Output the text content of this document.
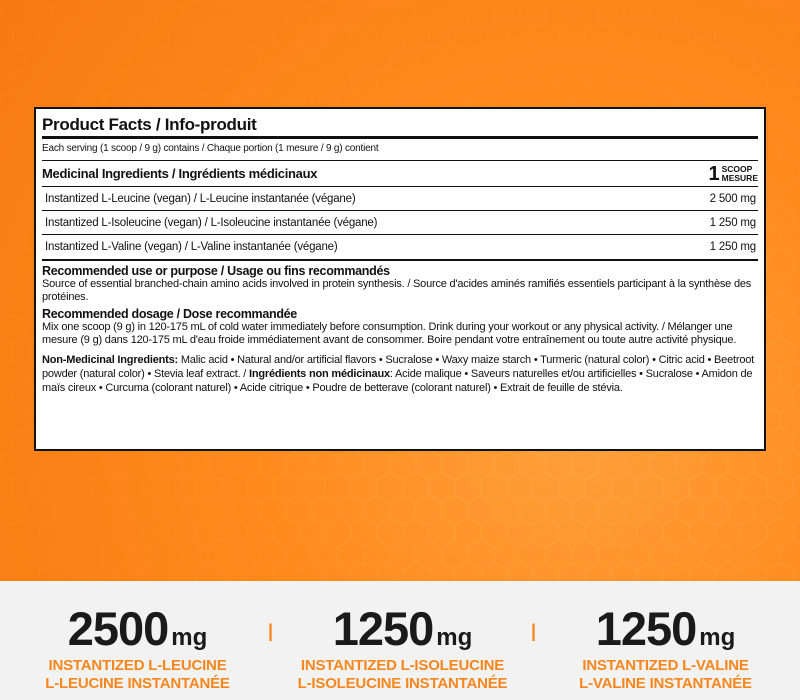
Product Facts / Info-produit
Each serving (1 scoop / 9 g) contains / Chaque portion (1 mesure / 9 g) contient
Medicinal Ingredients / Ingrédients médicinaux	1 SCOOP
MESURE
Instantized L-Leucine (vegan) / L-Leucine instantanée (végane)	2 500 mg
Instantized L-Isoleucine (vegan) / L-Isoleucine instantanée (végane)	1 250 mg
Instantized L-Valine (vegan) / L-Valine instantanée (végane)	1 250 mg
Recommended use or purpose / Usage ou fins recommandés
Source of essential branched-chain amino acids involved in protein synthesis. / Source d'acides aminés ramifiés essentiels participant à la synthèse des protéines.
Recommended dosage / Dose recommandée
Mix one scoop (9 g) in 120-175 mL of cold water immediately before consumption. Drink during your workout or any physical activity. / Mélanger une mesure (9 g) dans 120-175 mL d'eau froide immédiatement avant de consommer. Boire pendant votre entraînement ou toute autre activité physique.
Non-Medicinal Ingredients: Malic acid • Natural and/or artificial flavors • Sucralose • Waxy maize starch • Turmeric (natural color) • Citric acid • Beetroot powder (natural color) • Stevia leaf extract. / Ingrédients non médicinaux: Acide malique • Saveurs naturelles et/ou artificielles • Sucralose • Amidon de maïs cireux • Curcuma (colorant naturel) • Acide citrique • Poudre de betterave (colorant naturel) • Extrait de feuille de stévia.
2500 mg
INSTANTIZED L-LEUCINE
L-LEUCINE INSTANTANÉE
|	1250 mg
INSTANTIZED L-ISOLEUCINE
L-ISOLEUCINE INSTANTANÉE
|	1250 mg
INSTANTIZED L-VALINE
L-VALINE INSTANTANÉE
